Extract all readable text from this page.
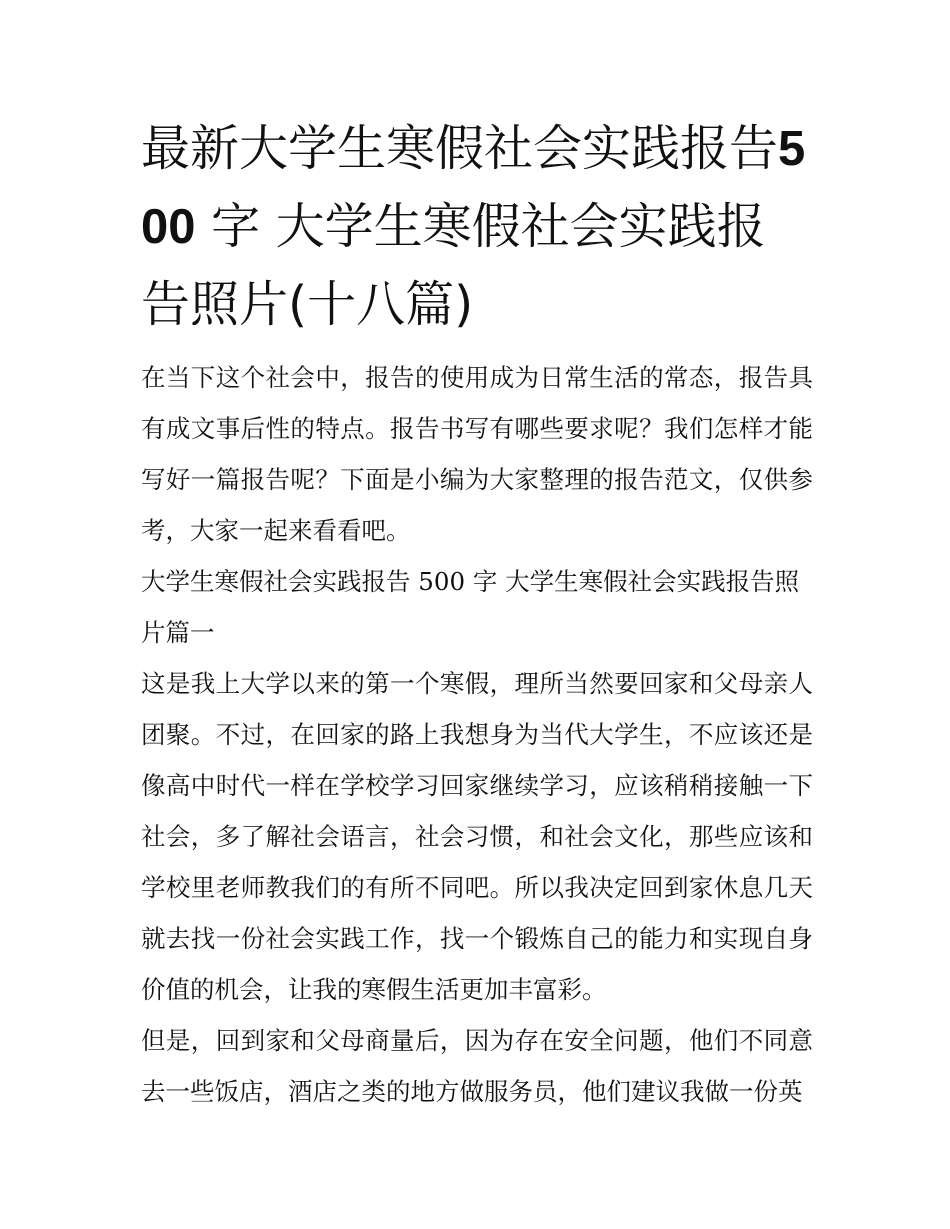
最新大学生寒假社会实践报告500 字 大学生寒假社会实践报告照片(十八篇)

在当下这个社会中，报告的使用成为日常生活的常态，报告具有成文事后性的特点。报告书写有哪些要求呢？我们怎样才能写好一篇报告呢？下面是小编为大家整理的报告范文，仅供参考，大家一起来看看吧。

大学生寒假社会实践报告 500 字 大学生寒假社会实践报告照片篇一

这是我上大学以来的第一个寒假，理所当然要回家和父母亲人团聚。不过，在回家的路上我想身为当代大学生，不应该还是像高中时代一样在学校学习回家继续学习，应该稍稍接触一下社会，多了解社会语言，社会习惯，和社会文化，那些应该和学校里老师教我们的有所不同吧。所以我决定回到家休息几天就去找一份社会实践工作，找一个锻炼自己的能力和实现自身价值的机会，让我的寒假生活更加丰富彩。

但是，回到家和父母商量后，因为存在安全问题，他们不同意去一些饭店，酒店之类的地方做服务员，他们建议我做一份英
